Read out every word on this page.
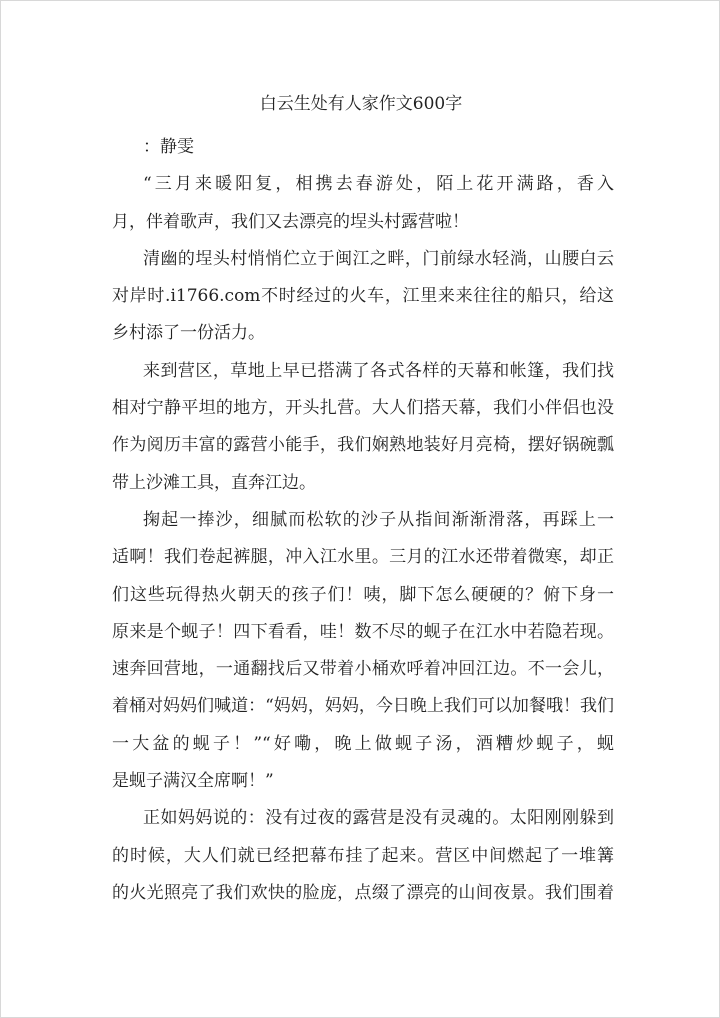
白云生处有人家作文600字
：静雯
“三月来暖阳复，相携去春游处，陌上花开满路，香入
月，伴着歌声，我们又去漂亮的埕头村露营啦！
清幽的埕头村悄悄伫立于闽江之畔，门前绿水轻淌，山腰白云
对岸时.i1766.com不时经过的火车，江里来来往往的船只，给这
乡村添了一份活力。
来到营区，草地上早已搭满了各式各样的天幕和帐篷，我们找
相对宁静平坦的地方，开头扎营。大人们搭天幕，我们小伴侣也没
作为阅历丰富的露营小能手，我们娴熟地装好月亮椅，摆好锅碗瓢
带上沙滩工具，直奔江边。
掬起一捧沙，细腻而松软的沙子从指间渐渐滑落，再踩上一
适啊！我们卷起裤腿，冲入江水里。三月的江水还带着微寒，却正
们这些玩得热火朝天的孩子们！咦，脚下怎么硬硬的？俯下身一
原来是个蚬子！四下看看，哇！数不尽的蚬子在江水中若隐若现。
速奔回营地，一通翻找后又带着小桶欢呼着冲回江边。不一会儿，
着桶对妈妈们喊道：“妈妈，妈妈，今日晚上我们可以加餐哦！我们
一大盆的蚬子！”“好嘞，晚上做蚬子汤，酒糟炒蚬子，蚬
是蚬子满汉全席啊！”
正如妈妈说的：没有过夜的露营是没有灵魂的。太阳刚刚躲到
的时候，大人们就已经把幕布挂了起来。营区中间燃起了一堆篝
的火光照亮了我们欢快的脸庞，点缀了漂亮的山间夜景。我们围着
